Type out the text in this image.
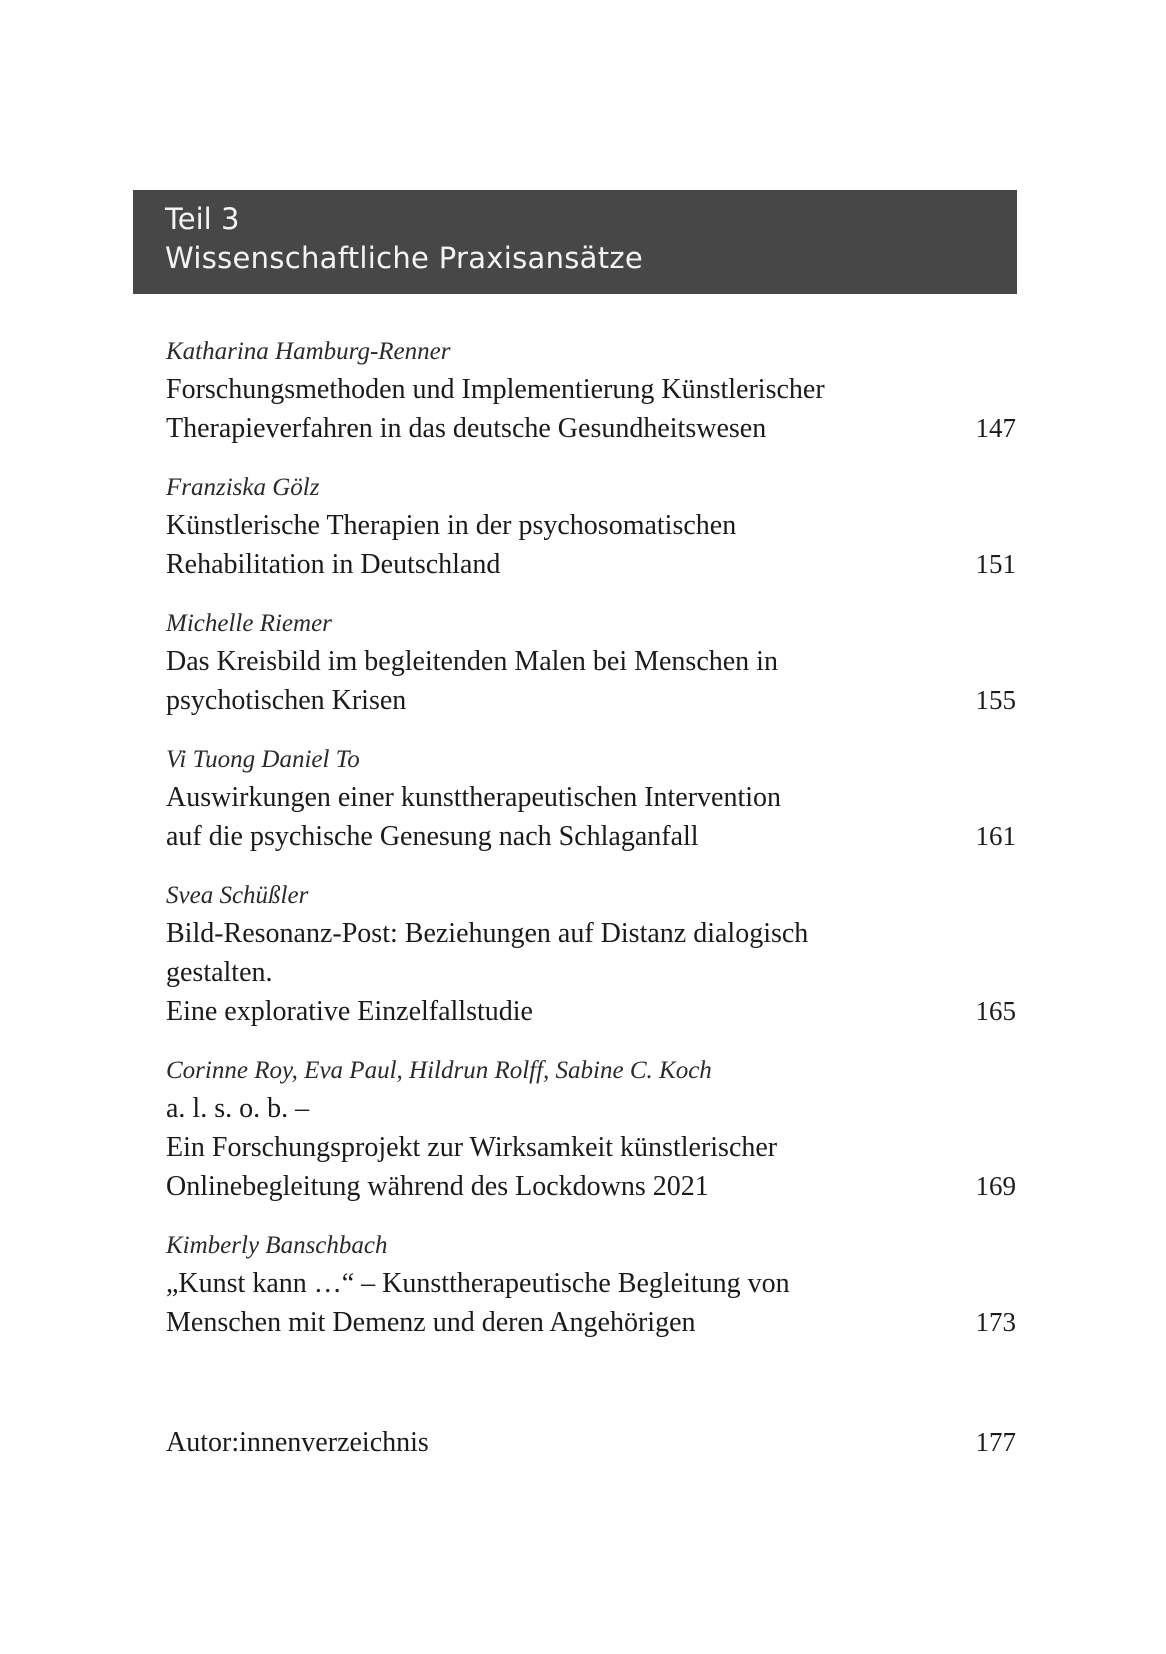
Teil 3
Wissenschaftliche Praxisansätze
Katharina Hamburg-Renner
Forschungsmethoden und Implementierung Künstlerischer
Therapieverfahren in das deutsche Gesundheitswesen	147
Franziska Gölz
Künstlerische Therapien in der psychosomatischen
Rehabilitation in Deutschland	151
Michelle Riemer
Das Kreisbild im begleitenden Malen bei Menschen in
psychotischen Krisen	155
Vi Tuong Daniel To
Auswirkungen einer kunsttherapeutischen Intervention
auf die psychische Genesung nach Schlaganfall	161
Svea Schüßler
Bild-Resonanz-Post: Beziehungen auf Distanz dialogisch
gestalten.
Eine explorative Einzelfallstudie	165
Corinne Roy, Eva Paul, Hildrun Rolff, Sabine C. Koch
a. l. s. o. b. –
Ein Forschungsprojekt zur Wirksamkeit künstlerischer
Onlinebegleitung während des Lockdowns 2021	169
Kimberly Banschbach
„Kunst kann …“ – Kunsttherapeutische Begleitung von
Menschen mit Demenz und deren Angehörigen	173
Autor:innenverzeichnis	177
